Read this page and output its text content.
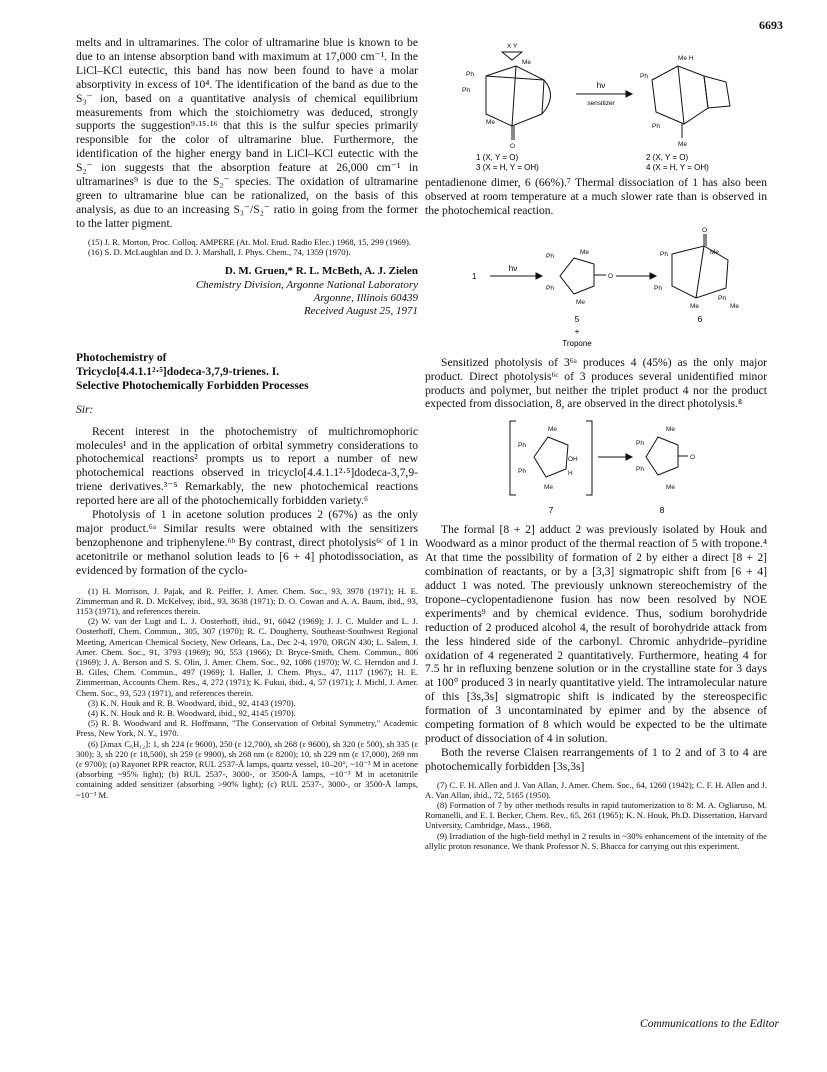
6693

melts and in ultramarines. The color of ultramarine blue is known to be due to an intense absorption band with maximum at 17,000 cm⁻¹. In the LiCl–KCl eutectic, this band has now been found to have a molar absorptivity in excess of 10⁴. The identification of the band as due to the S₃⁻ ion, based on a quantitative analysis of chemical equilibrium measurements from which the stoichiometry was deduced, strongly supports the suggestion⁹·¹⁵·¹⁶ that this is the sulfur species primarily responsible for the color of ultramarine blue. Furthermore, the identification of the higher energy band in LiCl–KCl eutectic with the S₂⁻ ion suggests that the absorption feature at 26,000 cm⁻¹ in ultramarines⁹ is due to the S₂⁻ species. The oxidation of ultramarine green to ultramarine blue can be rationalized, on the basis of this analysis, as due to an increasing S₃⁻/S₂⁻ ratio in going from the former to the latter pigment.

(15) J. R. Morton, Proc. Colloq. AMPERE (At. Mol. Etud. Radio Elec.) 1968, 15, 299 (1969).

(16) S. D. McLaughlan and D. J. Marshall, J. Phys. Chem., 74, 1359 (1970).

D. M. Gruen,* R. L. McBeth, A. J. Zielen
Chemistry Division, Argonne National Laboratory
Argonne, Illinois 60439
Received August 25, 1971
Photochemistry of
Tricyclo[4.4.1.1²·⁵]dodeca-3,7,9-trienes. I.
Selective Photochemically Forbidden Processes
Sir:

Recent interest in the photochemistry of multichromophoric molecules¹ and in the application of orbital symmetry considerations to photochemical reactions² prompts us to report a number of new photochemical reactions observed in tricyclo[4.4.1.1²·⁵]dodeca-3,7,9-triene derivatives.³⁻⁵ Remarkably, the new photochemical reactions reported here are all of the photochemically forbidden variety.⁶

Photolysis of 1 in acetone solution produces 2 (67%) as the only major product.⁶ᵃ Similar results were obtained with the sensitizers benzophenone and triphenylene.⁶ᵇ By contrast, direct photolysis⁶ᶜ of 1 in acetonitrile or methanol solution leads to [6 + 4] photodissociation, as evidenced by formation of the cyclo-

(1) H. Morrison, J. Pajak, and R. Peiffer, J. Amer. Chem. Soc., 93, 3978 (1971); H. E. Zimmerman and R. D. McKelvey, ibid., 93, 3638 (1971); D. O. Cowan and A. A. Baum, ibid., 93, 1153 (1971), and references therein.

(2) W. van der Lugt and L. J. Oosterhoff, ibid., 91, 6042 (1969); J. J. C. Mulder and L. J. Oosterhoff, Chem. Commun., 305, 307 (1970); R. C. Dougherty, Southeast-Southwest Regional Meeting, American Chemical Society, New Orleans, La., Dec 2-4, 1970, ORGN 430; L. Salem, J. Amer. Chem. Soc., 91, 3793 (1969); 90, 553 (1966); D. Bryce-Smith, Chem. Commun., 806 (1969); J. A. Berson and S. S. Olin, J. Amer. Chem. Soc., 92, 1086 (1970); W. C. Herndon and J. B. Giles, Chem. Commun., 497 (1969); I. Haller, J. Chem. Phys., 47, 1117 (1967); H. E. Zimmerman, Accounts Chem. Res., 4, 272 (1971); K. Fukui, ibid., 4, 57 (1971); J. Michl, J. Amer. Chem. Soc., 93, 523 (1971), and references therein.

(3) K. N. Houk and R. B. Woodward, ibid., 92, 4143 (1970).

(4) K. N. Houk and R. B. Woodward, ibid., 92, 4145 (1970).

(5) R. B. Woodward and R. Hoffmann, "The Conservation of Orbital Symmetry," Academic Press, New York, N. Y., 1970.

(6) [λmax C₆H₁₂]: 1, sh 224 (ε 9600), 250 (ε 12,700), sh 268 (ε 9600), sh 320 (ε 500), sh 335 (ε 300); 3, sh 220 (ε 18,500), sh 259 (ε 9900), sh 268 nm (ε 8200); 10, sh 229 nm (ε 17,000), 269 nm (ε 9700); (a) Rayonet RPR reactor, RUL 2537-Å lamps, quartz vessel, 10–20°, ~10⁻³ M in acetone (absorbing ~95% light); (b) RUL 2537-, 3000-, or 3500-Å lamps, ~10⁻³ M in acetonitrile containing added sensitizer (absorbing >90% light); (c) RUL 2537-, 3000-, or 3500-Å lamps, ~10⁻³ M.

X Y
Ph
Ph
Me
Me
O
Ph
Me H
Ph
Me
hν
sensitizer
1 (X, Y = O)	2 (X, Y = O)
3 (X = H, Y = OH)	4 (X = H, Y = OH)

pentadienone dimer, 6 (66%).⁷ Thermal dissociation of 1 has also been observed at room temperature at a much slower rate than is observed in the photochemical reaction.

Ph
Ph
Me
Me
O
O
Ph
Ph
Me
Me
Ph
Me
1
hν
5
+
Tropone
6

Sensitized photolysis of 3⁶ᵃ produces 4 (45%) as the only major product. Direct photolysis⁶ᶜ of 3 produces several unidentified minor products and polymer, but neither the triplet product 4 nor the product expected from dissociation, 8, are observed in the direct photolysis.⁸

Me
Ph
Ph
OH
H
Me
Me
Ph
Ph
O
Me
7	8

The formal [8 + 2] adduct 2 was previously isolated by Houk and Woodward as a minor product of the thermal reaction of 5 with tropone.⁴ At that time the possibility of formation of 2 by either a direct [8 + 2] combination of reactants, or by a [3,3] sigmatropic shift from [6 + 4] adduct 1 was noted. The previously unknown stereochemistry of the tropone–cyclopentadienone fusion has now been resolved by NOE experiments⁹ and by chemical evidence. Thus, sodium borohydride reduction of 2 produced alcohol 4, the result of borohydride attack from the less hindered side of the carbonyl. Chromic anhydride–pyridine oxidation of 4 regenerated 2 quantitatively. Furthermore, heating 4 for 7.5 hr in refluxing benzene solution or in the crystalline state for 3 days at 100° produced 3 in nearly quantitative yield. The intramolecular nature of this [3s,3s] sigmatropic shift is indicated by the stereospecific formation of 3 uncontaminated by epimer and by the absence of competing formation of 8 which would be expected to be the ultimate product of dissociation of 4 in solution.

Both the reverse Claisen rearrangements of 1 to 2 and of 3 to 4 are photochemically forbidden [3s,3s]

(7) C. F. H. Allen and J. Van Allan, J. Amer. Chem. Soc., 64, 1260 (1942); C. F. H. Allen and J. A. Van Allan, ibid., 72, 5165 (1950).

(8) Formation of 7 by other methods results in rapid tautomerization to 8: M. A. Ogliaruso, M. Romanelli, and E. I. Becker, Chem. Rev., 65, 261 (1965); K. N. Houk, Ph.D. Dissertation, Harvard University, Cambridge, Mass., 1968.

(9) Irradiation of the high-field methyl in 2 results in ~30% enhancement of the intensity of the allylic proton resonance. We thank Professor N. S. Bhacca for carrying out this experiment.

Communications to the Editor
